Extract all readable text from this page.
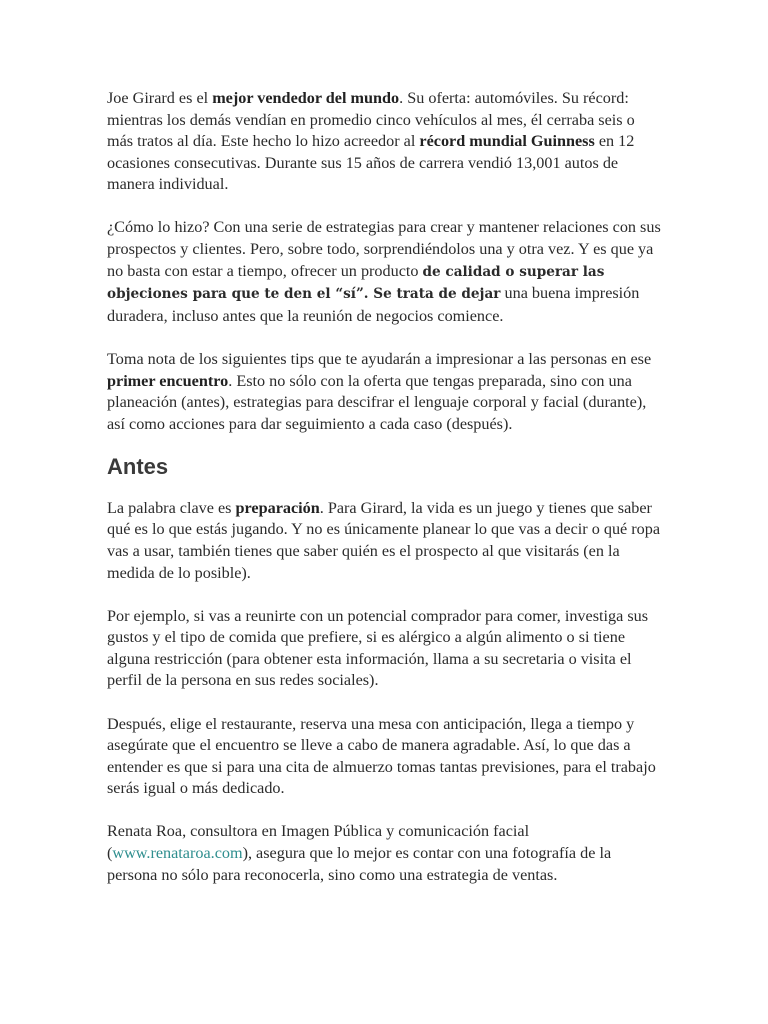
Joe Girard es el mejor vendedor del mundo. Su oferta: automóviles. Su récord: mientras los demás vendían en promedio cinco vehículos al mes, él cerraba seis o más tratos al día. Este hecho lo hizo acreedor al récord mundial Guinness en 12 ocasiones consecutivas. Durante sus 15 años de carrera vendió 13,001 autos de manera individual.

¿Cómo lo hizo? Con una serie de estrategias para crear y mantener relaciones con sus prospectos y clientes. Pero, sobre todo, sorprendiéndolos una y otra vez. Y es que ya no basta con estar a tiempo, ofrecer un producto de calidad o superar las objeciones para que te den el “sí”. Se trata de dejar una buena impresión duradera, incluso antes que la reunión de negocios comience.

Toma nota de los siguientes tips que te ayudarán a impresionar a las personas en ese primer encuentro. Esto no sólo con la oferta que tengas preparada, sino con una planeación (antes), estrategias para descifrar el lenguaje corporal y facial (durante), así como acciones para dar seguimiento a cada caso (después).

Antes

La palabra clave es preparación. Para Girard, la vida es un juego y tienes que saber qué es lo que estás jugando. Y no es únicamente planear lo que vas a decir o qué ropa vas a usar, también tienes que saber quién es el prospecto al que visitarás (en la medida de lo posible).

Por ejemplo, si vas a reunirte con un potencial comprador para comer, investiga sus gustos y el tipo de comida que prefiere, si es alérgico a algún alimento o si tiene alguna restricción (para obtener esta información, llama a su secretaria o visita el perfil de la persona en sus redes sociales).

Después, elige el restaurante, reserva una mesa con anticipación, llega a tiempo y asegúrate que el encuentro se lleve a cabo de manera agradable. Así, lo que das a entender es que si para una cita de almuerzo tomas tantas previsiones, para el trabajo serás igual o más dedicado.

Renata Roa, consultora en Imagen Pública y comunicación facial (www.renataroa.com), asegura que lo mejor es contar con una fotografía de la persona no sólo para reconocerla, sino como una estrategia de ventas.
